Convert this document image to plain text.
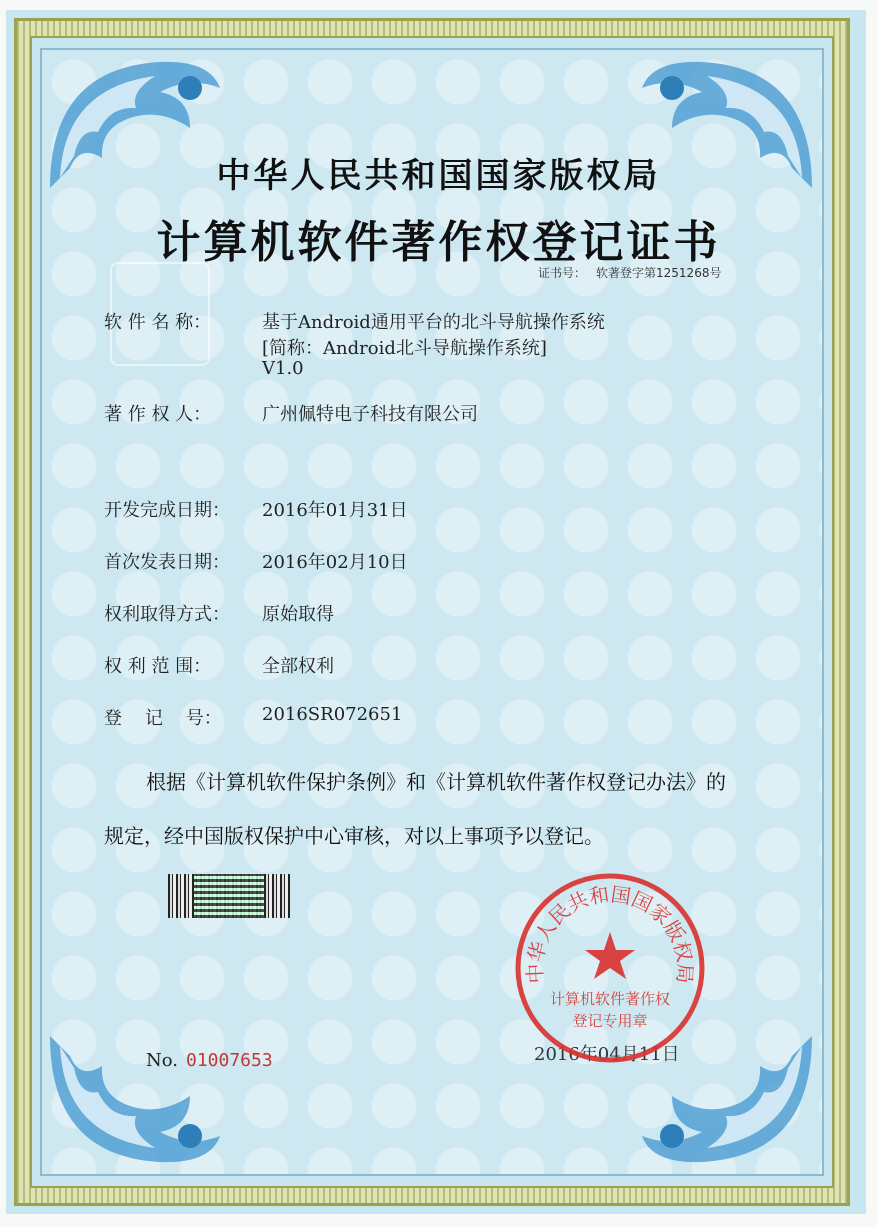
中华人民共和国国家版权局
计算机软件著作权登记证书
证书号： 软著登字第1251268号
软 件 名 称：	基于Android通用平台的北斗导航操作系统
[简称：Android北斗导航操作系统]
V1.0
著 作 权 人：	广州佩特电子科技有限公司
开发完成日期： 2016年01月31日
首次发表日期： 2016年02月10日
权利取得方式： 原始取得
权 利 范 围：	全部权利
登    记    号： 2016SR072651
根据《计算机软件保护条例》和《计算机软件著作权登记办法》的
规定，经中国版权保护中心审核，对以上事项予以登记。
No. 01007653	2016年04月11日
中华人民共和国国家版权局
计算机软件著作权
登记专用章
